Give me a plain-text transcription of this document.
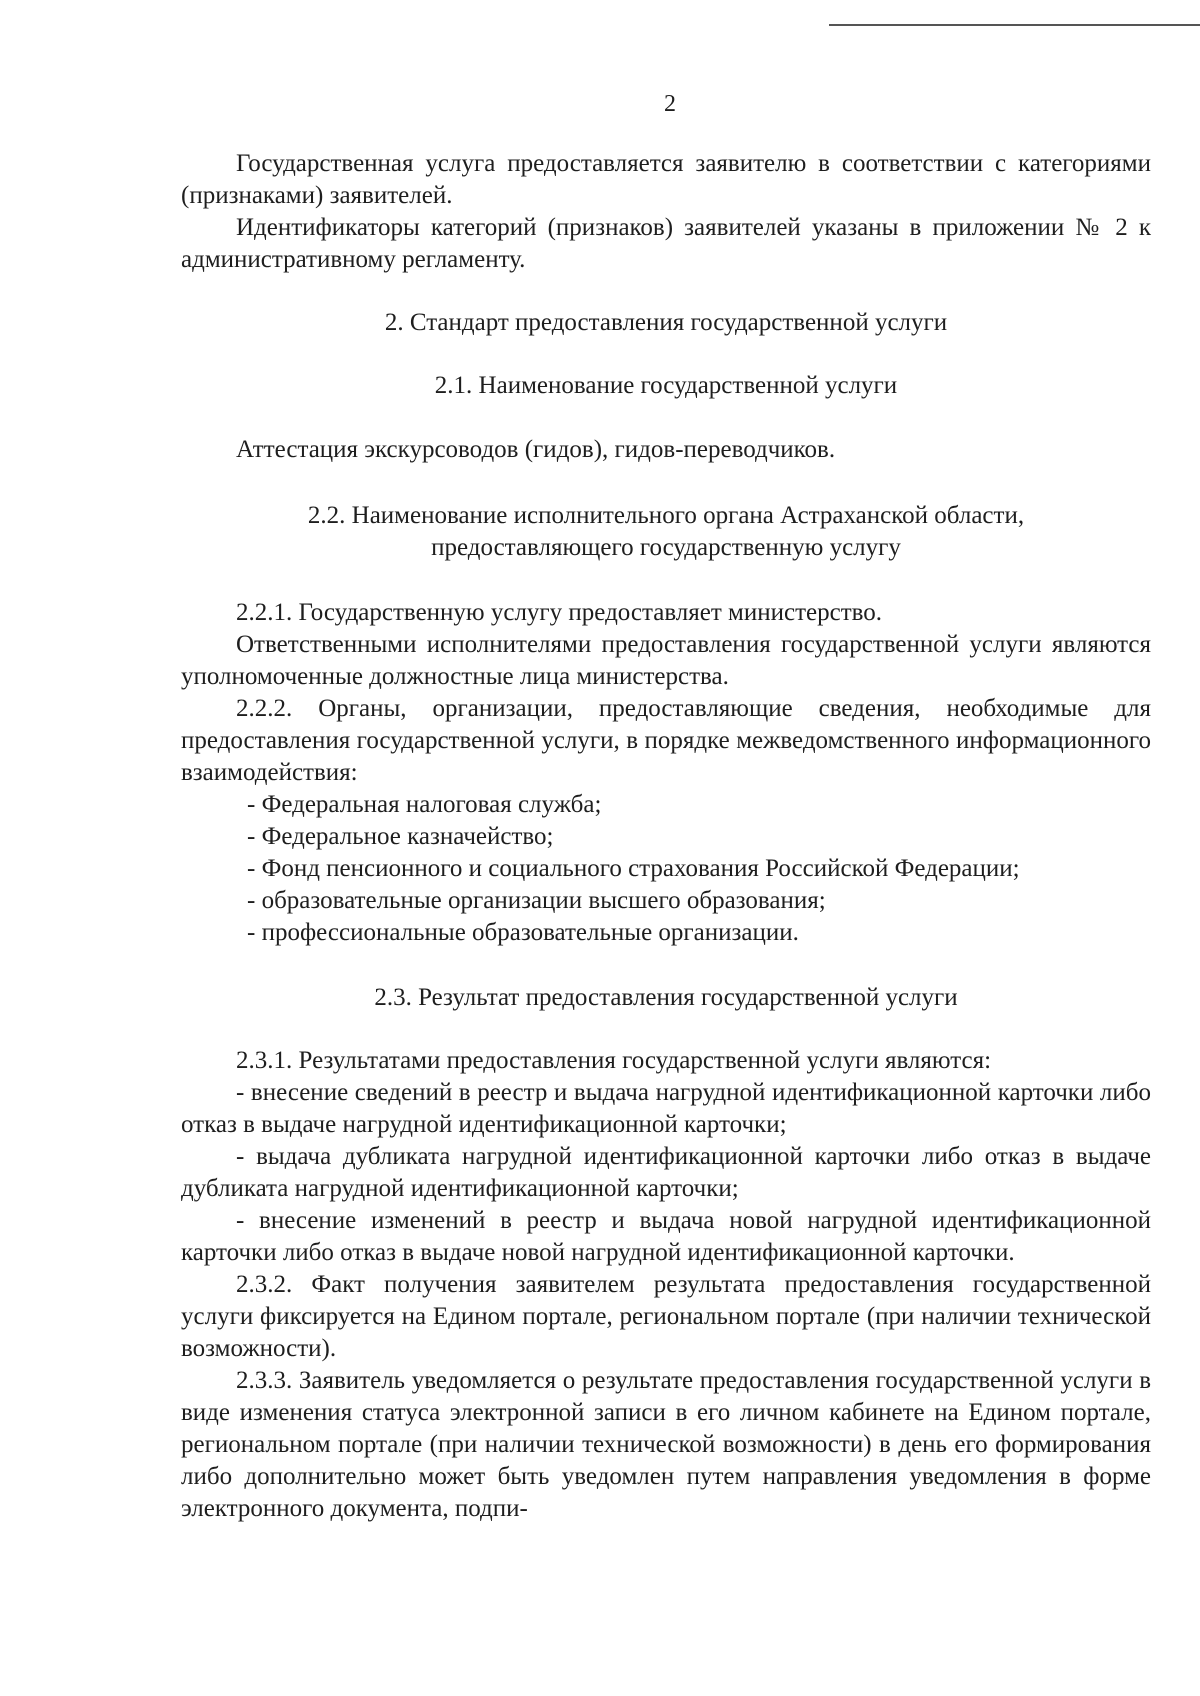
2

Государственная услуга предоставляется заявителю в соответствии с категориями (признаками) заявителей.

Идентификаторы категорий (признаков) заявителей указаны в приложении № 2 к административному регламенту.

2. Стандарт предоставления государственной услуги
2.1. Наименование государственной услуги

Аттестация экскурсоводов (гидов), гидов-переводчиков.

2.2. Наименование исполнительного органа Астраханской области,
предоставляющего государственную услугу

2.2.1. Государственную услугу предоставляет министерство.

Ответственными исполнителями предоставления государственной услуги являются уполномоченные должностные лица министерства.

2.2.2. Органы, организации, предоставляющие сведения, необходимые для предоставления государственной услуги, в порядке межведомственного информационного взаимодействия:

- Федеральная налоговая служба;

- Федеральное казначейство;

- Фонд пенсионного и социального страхования Российской Федерации;

- образовательные организации высшего образования;

- профессиональные образовательные организации.

2.3. Результат предоставления государственной услуги

2.3.1. Результатами предоставления государственной услуги являются:

- внесение сведений в реестр и выдача нагрудной идентификационной карточки либо отказ в выдаче нагрудной идентификационной карточки;

- выдача дубликата нагрудной идентификационной карточки либо отказ в выдаче дубликата нагрудной идентификационной карточки;

- внесение изменений в реестр и выдача новой нагрудной идентификационной карточки либо отказ в выдаче новой нагрудной идентификационной карточки.

2.3.2. Факт получения заявителем результата предоставления государственной услуги фиксируется на Едином портале, региональном портале (при наличии технической возможности).

2.3.3. Заявитель уведомляется о результате предоставления государственной услуги в виде изменения статуса электронной записи в его личном кабинете на Едином портале, региональном портале (при наличии технической возможности) в день его формирования либо дополнительно может быть уведомлен путем направления уведомления в форме электронного документа, подпи-
